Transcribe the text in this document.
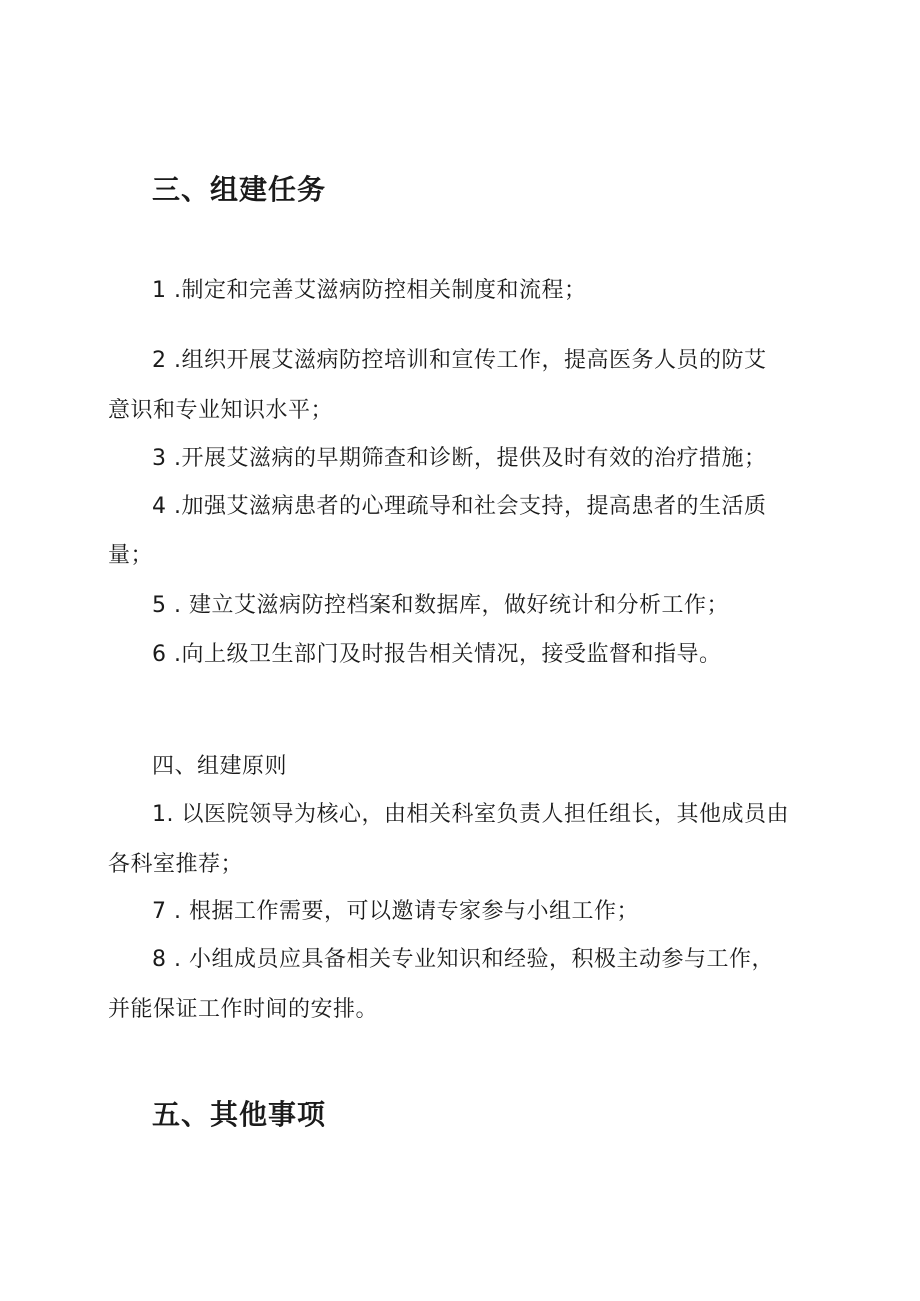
三、组建任务
1 .制定和完善艾滋病防控相关制度和流程；
2 .组织开展艾滋病防控培训和宣传工作，提高医务人员的防艾
意识和专业知识水平；
3 .开展艾滋病的早期筛查和诊断，提供及时有效的治疗措施；
4 .加强艾滋病患者的心理疏导和社会支持，提高患者的生活质
量；
5 . 建立艾滋病防控档案和数据库，做好统计和分析工作；
6 .向上级卫生部门及时报告相关情况，接受监督和指导。
四、组建原则
1. 以医院领导为核心，由相关科室负责人担任组长，其他成员由
各科室推荐；
7 . 根据工作需要，可以邀请专家参与小组工作；
8 . 小组成员应具备相关专业知识和经验，积极主动参与工作，
并能保证工作时间的安排。
五、其他事项
